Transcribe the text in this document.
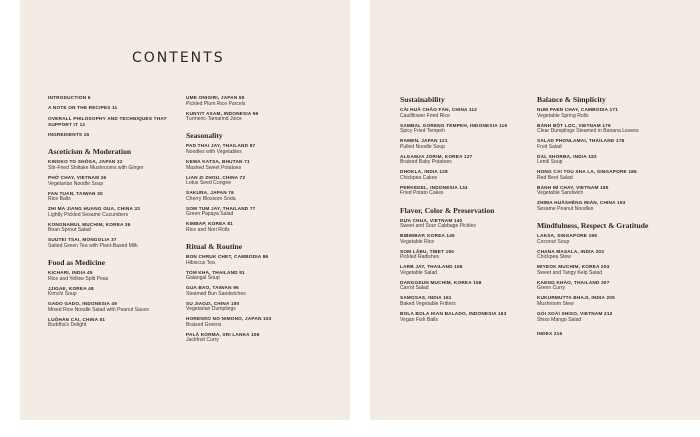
CONTENTS
INTRODUCTION 6
A NOTE ON THE RECIPES 11
OVERALL PHILOSOPHY AND TECHNIQUES THAT SUPPORT IT 12
INGREDIENTS 15
Asceticism & Moderation
KINOKO TO SHŌGA, JAPAN 22
Stir-Fried Shiitake Mushrooms with Ginger
PHỞ CHAY, VIETNAM 26
Vegetarian Noodle Soup
FAN TUAN, TAIWAN 30
Rice Balls
ZHI MA JIANG HUANG GUA, CHINA 33
Lightly Pickled Sesame Cucumbers
KONGNAMUL MUCHIM, KOREA 36
Bean Sprout Salad
SUUTEI TSAI, MONGOLIA 37
Salted Green Tea with Plant-Based Milk
Food as Medicine
KICHARI, INDIA 45
Rice and Yellow Split Peas
JJIGAE, KOREA 48
Kimchi Soup
GADO GADO, INDONESIA 49
Mixed Rice Noodle Salad with Peanut Sauce
LUÓHÀN CÀI, CHINA 51
Buddha's Delight
UME ONIGIRI, JAPAN 55
Pickled Plum Rice Parcels
KUNYIT ASAM, INDONESIA 59
Turmeric-Tamarind Juice
Seasonality
PAD THAI JAY, THAILAND 67
Noodles with Vegetables
KEWA KATSA, BHUTAN 71
Mashed Sweet Potatoes
LIAN ZI ZHOU, CHINA 72
Lotus Seed Congee
SAKURA, JAPAN 76
Cherry Blossom Soda
SOM TUM JAY, THAILAND 77
Green Papaya Salad
KIMBAP, KOREA 81
Rice and Nori Rolls
Ritual & Routine
BON CHRUK CHET, CAMBODIA 86
Hibiscus Tea
TOM KHA, THAILAND 91
Galangal Soup
GUA BAO, TAIWAN 95
Steamed Bun Sandwiches
SU JIAOZI, CHINA 100
Vegetarian Dumplings
HORENSO NO NIMONO, JAPAN 103
Braised Greens
PALĀ KORMA, SRI LANKA 106
Jackfruit Curry
Sustainability
CÀI HUĀ CHĀO FÀN, CHINA 112
Cauliflower Fried Rice
SAMBAL GORENG TEMPEH, INDONESIA 116
Spicy Fried Tempeh
RAMEN, JAPAN 121
Pulled Noodle Soup
ALGAMJA JORIM, KOREA 127
Braised Baby Potatoes
DHOKLA, INDIA 128
Chickpea Cakes
PERKEDEL, INDONESIA 134
Fried Potato Cakes
Flavor, Color & Preservation
DỰA CHUA, VIETNAM 140
Sweet and Sour Cabbage Pickles
BIBIMBAP, KOREA 145
Vegetable Rice
SOM LĀBU, TIBET 150
Pickled Radishes
LARB JAY, THAILAND 155
Vegetable Salad
DANGGEUN MUCHIM, KOREA 158
Carrot Salad
SAMOSAS, INDIA 161
Baked Vegetable Fritters
BOLA BOLA IKAN BALADO, INDONESIA 163
Vegan Fish Balls
Balance & Simplicity
NUM PAEN CHAY, CAMBODIA 171
Vegetable Spring Rolls
BÁNH BỘT LỌC, VIETNAM 176
Clear Dumplings Steamed in Banana Leaves
SALAD PHONLAMAI, THAILAND 178
Fruit Salad
DAL SHORBA, INDIA 183
Lentil Soup
HONG CAI TOU SHA LA, SINGAPORE 186
Red Beet Salad
BÁNH MÌ CHAY, VIETNAM 190
Vegetable Sandwich
ZHIMA HUĀSHĒNG MIÀN, CHINA 193
Sesame Peanut Noodles
Mindfulness, Respect & Gratitude
LAKSA, SINGAPORE 199
Coconut Soup
CHANA MASALA, INDIA 203
Chickpea Stew
MIYEOK MUCHIM, KOREA 204
Sweet and Tangy Kelp Salad
KAENG KHAO, THAILAND 207
Green Curry
KUKURMUTTA BHAJI, INDIA 209
Mushroom Stew
GỎI XOÀI SHISO, VIETNAM 212
Shiso Mango Salad
INDEX 216
